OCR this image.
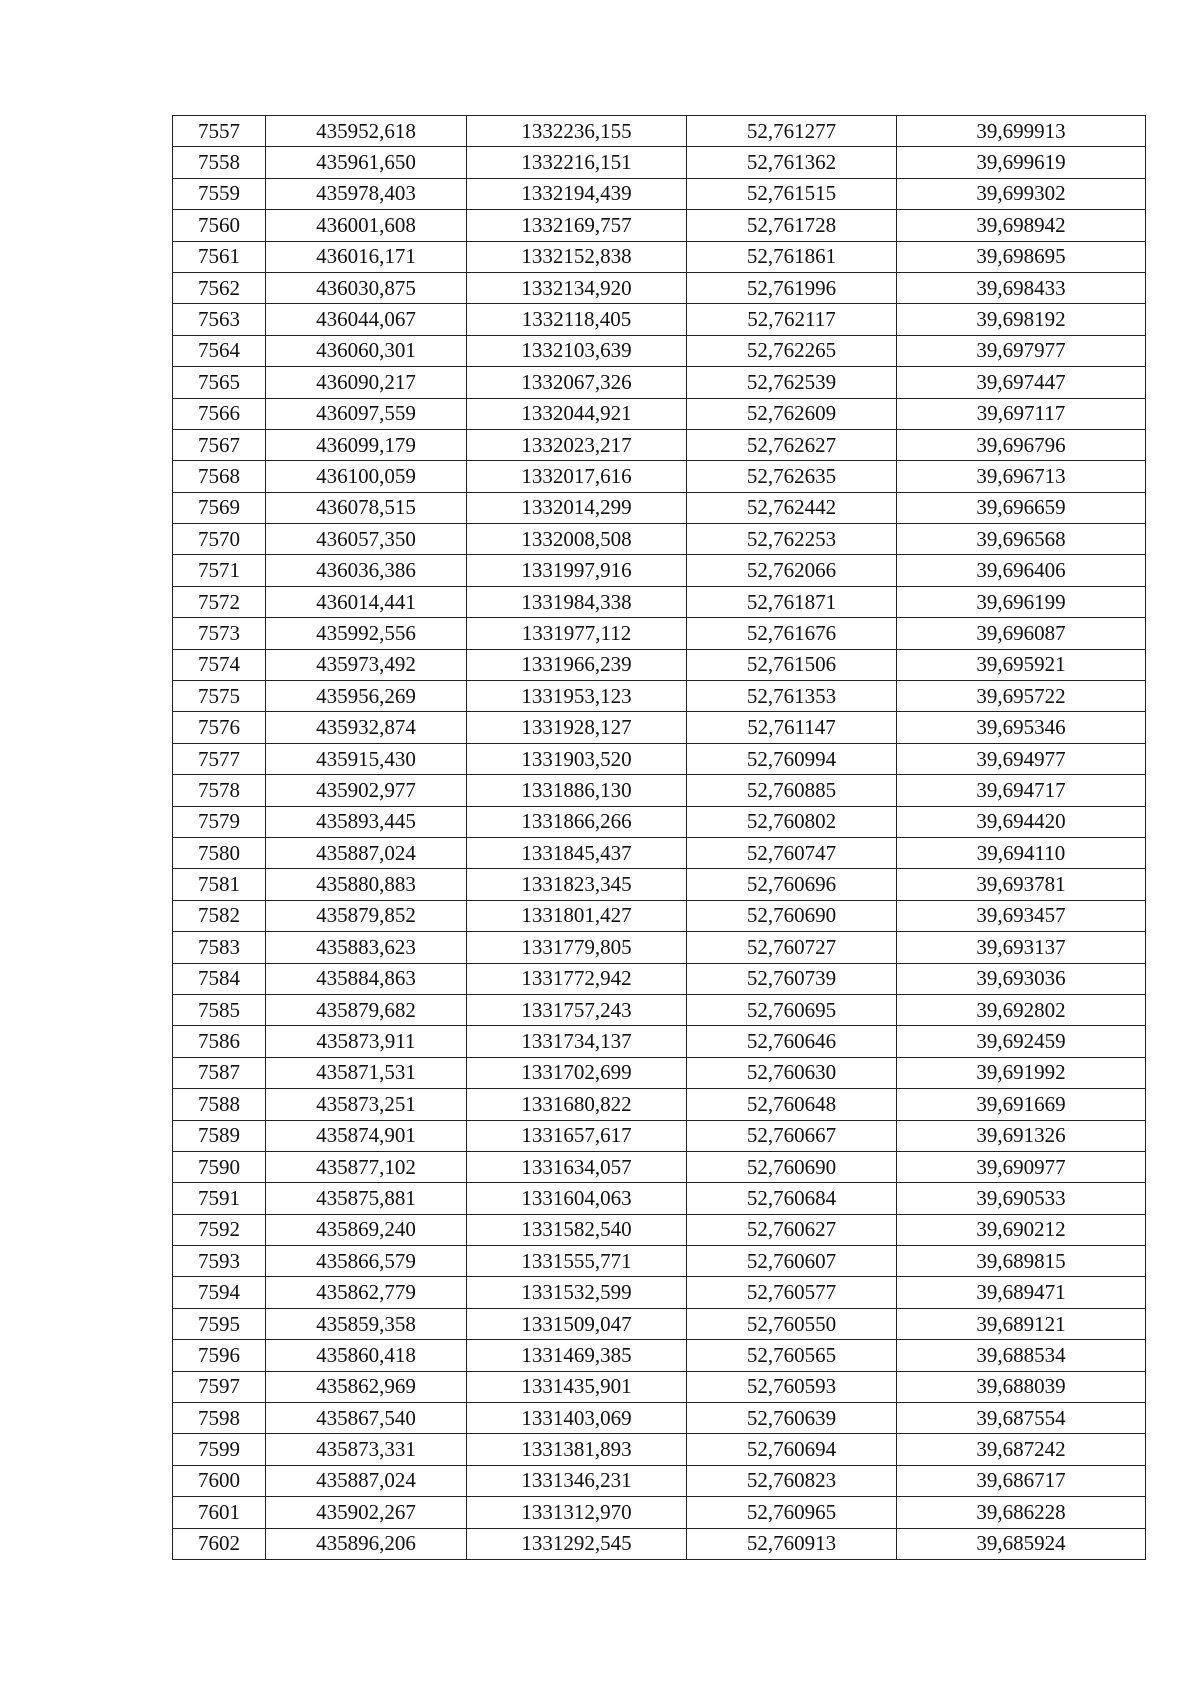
7557	435952,618	1332236,155	52,761277	39,699913
7558	435961,650	1332216,151	52,761362	39,699619
7559	435978,403	1332194,439	52,761515	39,699302
7560	436001,608	1332169,757	52,761728	39,698942
7561	436016,171	1332152,838	52,761861	39,698695
7562	436030,875	1332134,920	52,761996	39,698433
7563	436044,067	1332118,405	52,762117	39,698192
7564	436060,301	1332103,639	52,762265	39,697977
7565	436090,217	1332067,326	52,762539	39,697447
7566	436097,559	1332044,921	52,762609	39,697117
7567	436099,179	1332023,217	52,762627	39,696796
7568	436100,059	1332017,616	52,762635	39,696713
7569	436078,515	1332014,299	52,762442	39,696659
7570	436057,350	1332008,508	52,762253	39,696568
7571	436036,386	1331997,916	52,762066	39,696406
7572	436014,441	1331984,338	52,761871	39,696199
7573	435992,556	1331977,112	52,761676	39,696087
7574	435973,492	1331966,239	52,761506	39,695921
7575	435956,269	1331953,123	52,761353	39,695722
7576	435932,874	1331928,127	52,761147	39,695346
7577	435915,430	1331903,520	52,760994	39,694977
7578	435902,977	1331886,130	52,760885	39,694717
7579	435893,445	1331866,266	52,760802	39,694420
7580	435887,024	1331845,437	52,760747	39,694110
7581	435880,883	1331823,345	52,760696	39,693781
7582	435879,852	1331801,427	52,760690	39,693457
7583	435883,623	1331779,805	52,760727	39,693137
7584	435884,863	1331772,942	52,760739	39,693036
7585	435879,682	1331757,243	52,760695	39,692802
7586	435873,911	1331734,137	52,760646	39,692459
7587	435871,531	1331702,699	52,760630	39,691992
7588	435873,251	1331680,822	52,760648	39,691669
7589	435874,901	1331657,617	52,760667	39,691326
7590	435877,102	1331634,057	52,760690	39,690977
7591	435875,881	1331604,063	52,760684	39,690533
7592	435869,240	1331582,540	52,760627	39,690212
7593	435866,579	1331555,771	52,760607	39,689815
7594	435862,779	1331532,599	52,760577	39,689471
7595	435859,358	1331509,047	52,760550	39,689121
7596	435860,418	1331469,385	52,760565	39,688534
7597	435862,969	1331435,901	52,760593	39,688039
7598	435867,540	1331403,069	52,760639	39,687554
7599	435873,331	1331381,893	52,760694	39,687242
7600	435887,024	1331346,231	52,760823	39,686717
7601	435902,267	1331312,970	52,760965	39,686228
7602	435896,206	1331292,545	52,760913	39,685924
